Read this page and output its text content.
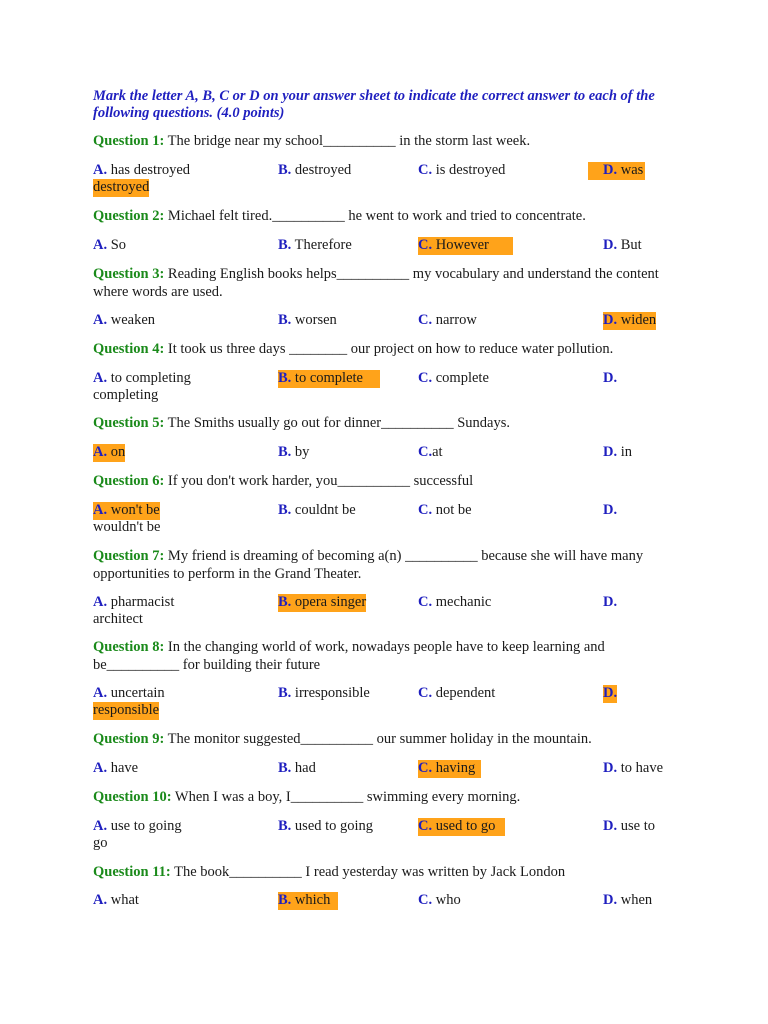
Mark the letter A, B, C or D on your answer sheet to indicate the correct answer to each of the following questions. (4.0 points)
Question 1: The bridge near my school__________ in the storm last week.
A. has destroyed	B. destroyed	C. is destroyed	D. was
destroyed
Question 2: Michael felt tired.__________ he went to work and tried to concentrate.
A. So	B. Therefore	C. However	D. But
Question 3: Reading English books helps__________ my vocabulary and understand the content where words are used.
A. weaken	B. worsen	C. narrow	D. widen
Question 4: It took us three days ________ our project on how to reduce water pollution.
A. to completing	B. to complete	C. complete	D.
completing
Question 5: The Smiths usually go out for dinner__________ Sundays.
A. on	B. by	C.at	D. in
Question 6: If you don't work harder, you__________ successful
A. won't be	B. couldnt be	C. not be	D.
wouldn't be
Question 7: My friend is dreaming of becoming a(n) __________ because she will have many opportunities to perform in the Grand Theater.
A. pharmacist	B. opera singer	C. mechanic	D.
architect
Question 8: In the changing world of work, nowadays people have to keep learning and be__________ for building their future
A. uncertain	B. irresponsible	C. dependent	D.
responsible
Question 9: The monitor suggested__________ our summer holiday in the mountain.
A. have	B. had	C. having	D. to have
Question 10: When I was a boy, I__________ swimming every morning.
A. use to going	B. used to going	C. used to go	D. use to
go
Question 11: The book__________ I read yesterday was written by Jack London
A. what	B. which	C. who	D. when
